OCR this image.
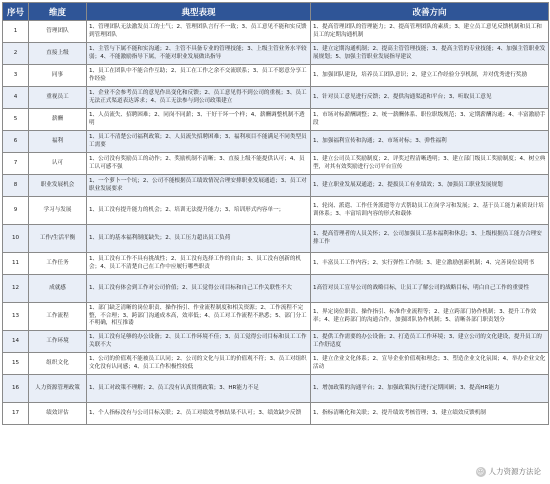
序号	维度	典型表现	改善方向
1	管理团队	1、管理团队无法激发员工的士气；2、管理团队言行不一致；3、员工意见不能和实反馈到管理团队	1、提高管理团队的管理能力；2、提高管理团队的素质；3、建立员工意见反馈机制和员工和员工的定期沟通机制
2	直接上级	1、主管与下属不能和实沟通；2、主管不具备专业的管理技能；3、上级主管业务水平较弱；4、不能激励指导下属，不能对职业发展做出指导	1、建立定期沟通机制；2、提高主管管理技能；3、提高主管的专业技能；4、加强主管职业发展规划；5、加强主管职业发展指导建议
3	同事	1、员工在团队中不能合作互助；2、员工在工作之余不交流联系；3、员工不愿意分享工作经验	1、加强团队建设，培养员工团队意识；2、建立工作经验分享机制，并对优秀进行奖励
4	重视员工	1、企业不会参考员工的意见作出变化和反馈；2、员工意见得不到公司的重视；3、员工无法正式渠道表达诉求；4、员工无法参与到公司政策建立	1、针对员工意见进行反馈；2、提供沟通渠道和平台；3、听取员工意见
5	薪酬	1、人员流失、招聘困难；2、同岗不同薪；3、干好干坏一个样；4、薪酬调整机制不透明	1、市场对标薪酬调整；2、统一薪酬体系、职位职级规范；3、定期薪酬沟通；4、丰富激励手段
6	福利	1、员工不清楚公司福利政策；2、人员流失招聘困难；3、福利项目不能满足不同类型员工需要	1、加强福利宣传和沟通；2、市场对标；3、弹性福利
7	认可	1、公司没有奖励员工的动作；2、奖励机制不清晰；3、直接上级不能提供认可；4、员工认可感不强	1、建立公司员工奖励制度；2、评奖过程清晰透明；3、建立部门级员工奖励制度；4、树立典型，对其有效奖励进行公司平台宣传
8	职业发展机会	1、一个萝卜一个坑；2、公司不能根据员工绩效情况合理安排职业发展通道；3、员工对职业发展要求	1、建立职业发展双通道；2、提拔员工有业绩效；3、加强员工职业发展规划
9	学习与发展	1、员工没有提升能力的机会；2、培训无法提升能力；3、培训形式内容单一；	1、轮岗、派遣、工作任务派遣等方式帮助员工在岗学习和发展；2、基于员工能力素质设计培训体系；3、丰富培训内容的形式和载体
10	工作/生活平衡	1、员工的基本福利制度缺失；2、员工压力超出员工负荷	1、提高管理者的人员关怀；2、公司加强员工基本福利和休息；3、上级根据员工能力合理安排工作
11	工作任务	1、员工没有工作不具有挑战性；2、员工没有选择工作的自由；3、员工没有创新的机会；4、员工不清楚自己在工作中应履行哪些职责	1、丰富员工工作内容；2、实行弹性工作制；3、建立激励创新机制；4、完善岗位说明书
12	成就感	1、员工没有体会到工作对公司价值；2、员工觉得公司目标和自己工作关联性不大	1高管对员工宣导公司的战略目标，让员工了解公司的战略目标，明白自己工作的重要性
13	工作流程	1、部门缺乏清晰的岗位职责、操作指引、作业流程制度和相关资源；2、工作流程不完整，不合理；3、跨部门沟通成本高，效率低；4、员工对工作流程不熟悉；5、部门分工不明确，相互推诿	1、界定岗位职责、操作指引、标准作业流程等；2、建立跨部门协作机制；3、提升工作效率；4、建立跨部门的沟通合作，加强团队协作机制；5、清晰各部门职责划分
14	工作环境	1、员工没有足够的办公设备；2、员工工作环境不佳；3、员工觉得公司目标和员工工作关联不大	1、提供工作需要的办公设备；2、打造员工工作环境；3、建立公司的文化建设，提升员工的工作舒适度
15	组织文化	1、公司的价值观不能被员工认同；2、公司的文化与员工的价值观不符；3、员工对组织文化没有认同感；4、员工工作积极性较低	1、建立企业文化体系；2、宣导企业价值观和理念；3、塑造企业文化氛围；4、举办企业文化活动
16	人力资源管理政策	1、员工对政策不理解；2、员工没有认真贯彻政策；3、HR能力不足	1、增加政策的沟通平台；2、加强政策执行进行定期回顾；3、提高HR能力
17	绩效评估	1、个人指标没有与公司目标关联；2、员工对绩效考核结果不认可；3、绩效缺少反馈	1、指标清晰化和关联；2、提升绩效考核管理；3、建立绩效反馈机制
☺ 人力资源方法论
